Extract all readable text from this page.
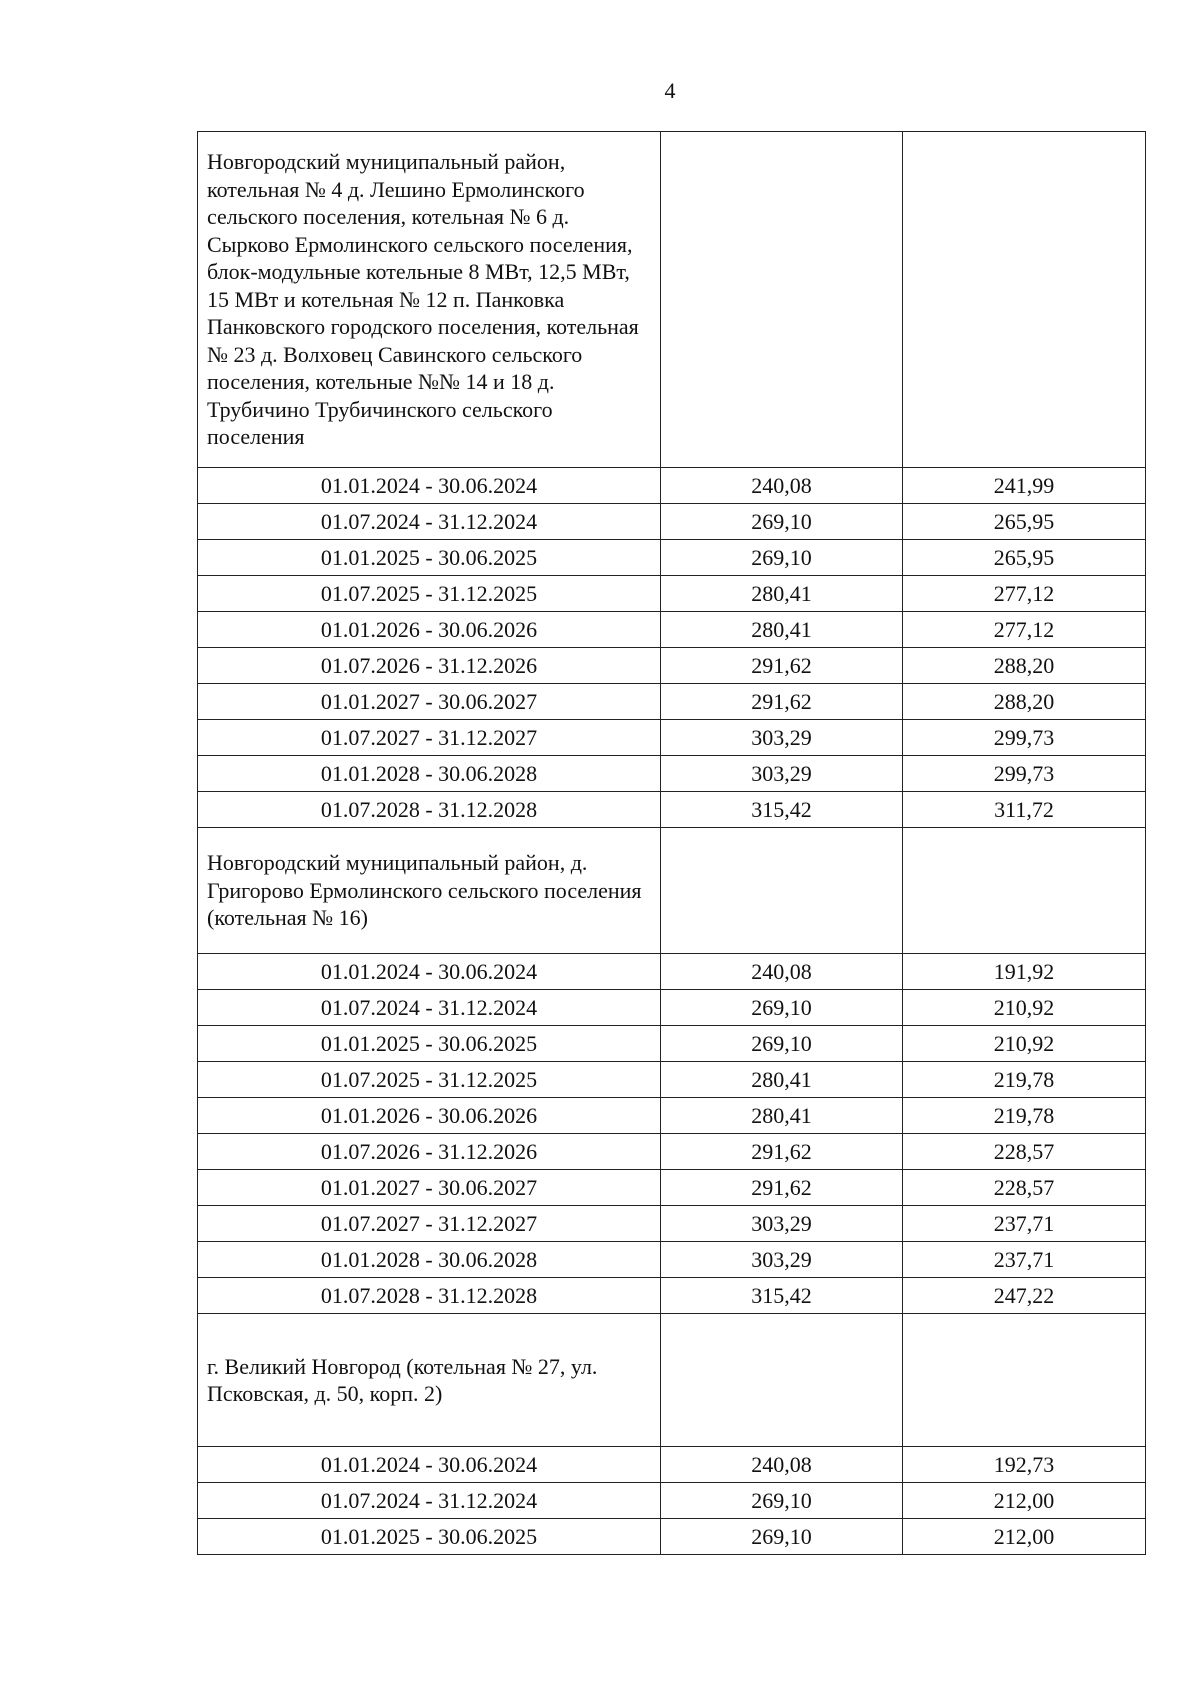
4
Новгородский муниципальный район, котельная № 4 д. Лешино Ермолинского сельского поселения, котельная № 6 д. Сырково Ермолинского сельского поселения, блок-модульные котельные 8 МВт, 12,5 МВт, 15 МВт и котельная № 12 п. Панковка Панковского городского поселения, котельная № 23 д. Волховец Савинского сельского поселения, котельные №№ 14 и 18 д. Трубичино Трубичинского сельского поселения		
01.01.2024 - 30.06.2024	240,08	241,99
01.07.2024 - 31.12.2024	269,10	265,95
01.01.2025 - 30.06.2025	269,10	265,95
01.07.2025 - 31.12.2025	280,41	277,12
01.01.2026 - 30.06.2026	280,41	277,12
01.07.2026 - 31.12.2026	291,62	288,20
01.01.2027 - 30.06.2027	291,62	288,20
01.07.2027 - 31.12.2027	303,29	299,73
01.01.2028 - 30.06.2028	303,29	299,73
01.07.2028 - 31.12.2028	315,42	311,72
Новгородский муниципальный район, д. Григорово Ермолинского сельского поселения (котельная № 16)		
01.01.2024 - 30.06.2024	240,08	191,92
01.07.2024 - 31.12.2024	269,10	210,92
01.01.2025 - 30.06.2025	269,10	210,92
01.07.2025 - 31.12.2025	280,41	219,78
01.01.2026 - 30.06.2026	280,41	219,78
01.07.2026 - 31.12.2026	291,62	228,57
01.01.2027 - 30.06.2027	291,62	228,57
01.07.2027 - 31.12.2027	303,29	237,71
01.01.2028 - 30.06.2028	303,29	237,71
01.07.2028 - 31.12.2028	315,42	247,22
г. Великий Новгород (котельная № 27, ул. Псковская, д. 50, корп. 2)		
01.01.2024 - 30.06.2024	240,08	192,73
01.07.2024 - 31.12.2024	269,10	212,00
01.01.2025 - 30.06.2025	269,10	212,00
